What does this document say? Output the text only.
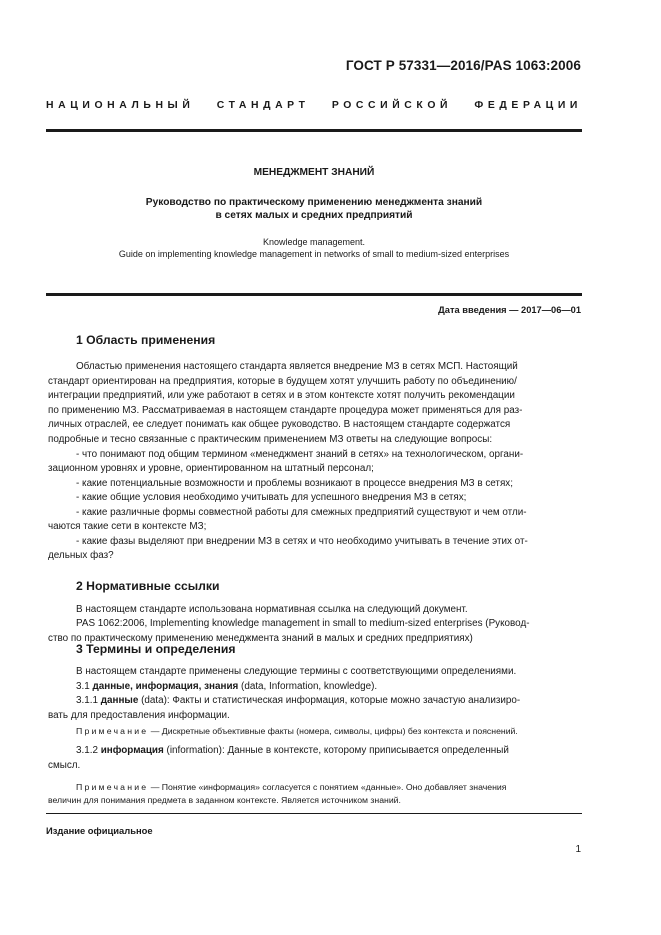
ГОСТ Р 57331—2016/PAS 1063:2006
НАЦИОНАЛЬНЫЙ СТАНДАРТ РОССИЙСКОЙ ФЕДЕРАЦИИ
МЕНЕДЖМЕНТ ЗНАНИЙ
Руководство по практическому применению менеджмента знаний
в сетях малых и средних предприятий
Knowledge management.
Guide on implementing knowledge management in networks of small to medium-sized enterprises
Дата введения — 2017—06—01
1 Область применения
Областью применения настоящего стандарта является внедрение МЗ в сетях МСП. Настоящий
стандарт ориентирован на предприятия, которые в будущем хотят улучшить работу по объединению/
интеграции предприятий, или уже работают в сетях и в этом контексте хотят получить рекомендации
по применению МЗ. Рассматриваемая в настоящем стандарте процедура может применяться для раз-
личных отраслей, ее следует понимать как общее руководство. В настоящем стандарте содержатся
подробные и тесно связанные с практическим применением МЗ ответы на следующие вопросы:
- что понимают под общим термином «менеджмент знаний в сетях» на технологическом, органи-
зационном уровнях и уровне, ориентированном на штатный персонал;
- какие потенциальные возможности и проблемы возникают в процессе внедрения МЗ в сетях;
- какие общие условия необходимо учитывать для успешного внедрения МЗ в сетях;
- какие различные формы совместной работы для смежных предприятий существуют и чем отли-
чаются такие сети в контексте МЗ;
- какие фазы выделяют при внедрении МЗ в сетях и что необходимо учитывать в течение этих от-
дельных фаз?
2 Нормативные ссылки
В настоящем стандарте использована нормативная ссылка на следующий документ.
PAS 1062:2006, Implementing knowledge management in small to medium-sized enterprises (Руковод-
ство по практическому применению менеджмента знаний в малых и средних предприятиях)
3 Термины и определения
В настоящем стандарте применены следующие термины с соответствующими определениями.
3.1 данные, информация, знания (data, Information, knowledge).
3.1.1 данные (data): Факты и статистическая информация, которые можно зачастую анализиро-
вать для предоставления информации.
Примечание — Дискретные объективные факты (номера, символы, цифры) без контекста и пояснений.
3.1.2 информация (information): Данные в контексте, которому приписывается определенный
смысл.
Издание официальное
1
Примечание — Понятие «информация» согласуется с понятием «данные». Оно добавляет значения
величин для понимания предмета в заданном контексте. Является источником знаний.
